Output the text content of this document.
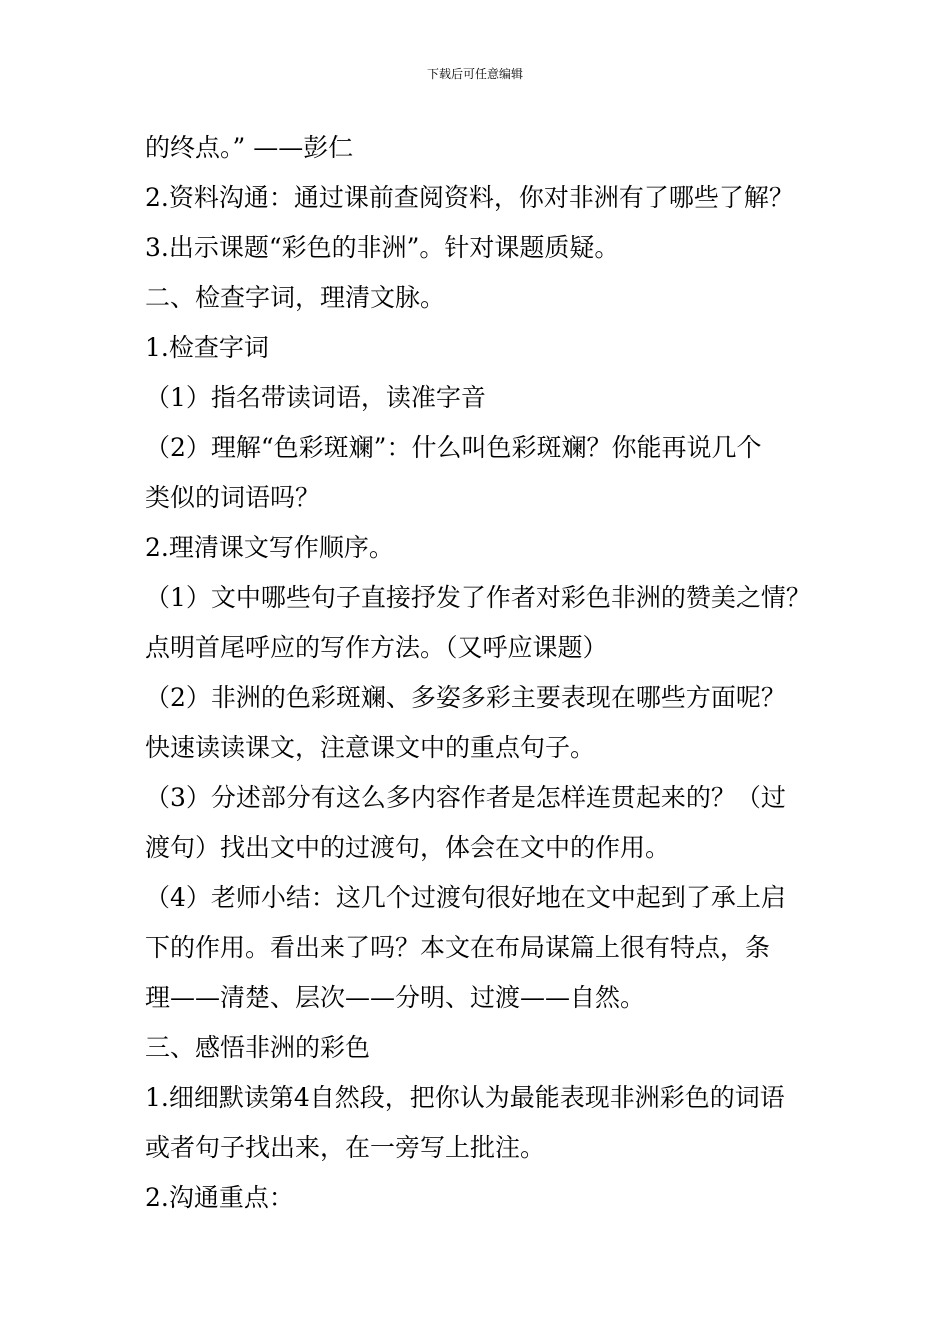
下载后可任意编辑
的终点。” ——彭仁
2.资料沟通：通过课前查阅资料，你对非洲有了哪些了解？
3.出示课题“彩色的非洲”。针对课题质疑。
二、检查字词，理清文脉。
1.检查字词
（1）指名带读词语，读准字音
（2）理解“色彩斑斓”：什么叫色彩斑斓？你能再说几个
类似的词语吗？
2.理清课文写作顺序。
（1）文中哪些句子直接抒发了作者对彩色非洲的赞美之情？
点明首尾呼应的写作方法。（又呼应课题）
（2）非洲的色彩斑斓、多姿多彩主要表现在哪些方面呢？
快速读读课文，注意课文中的重点句子。
（3）分述部分有这么多内容作者是怎样连贯起来的？（过
渡句）找出文中的过渡句，体会在文中的作用。
（4）老师小结：这几个过渡句很好地在文中起到了承上启
下的作用。看出来了吗？本文在布局谋篇上很有特点，条
理——清楚、层次——分明、过渡——自然。
三、感悟非洲的彩色
1.细细默读第4自然段，把你认为最能表现非洲彩色的词语
或者句子找出来，在一旁写上批注。
2.沟通重点：
